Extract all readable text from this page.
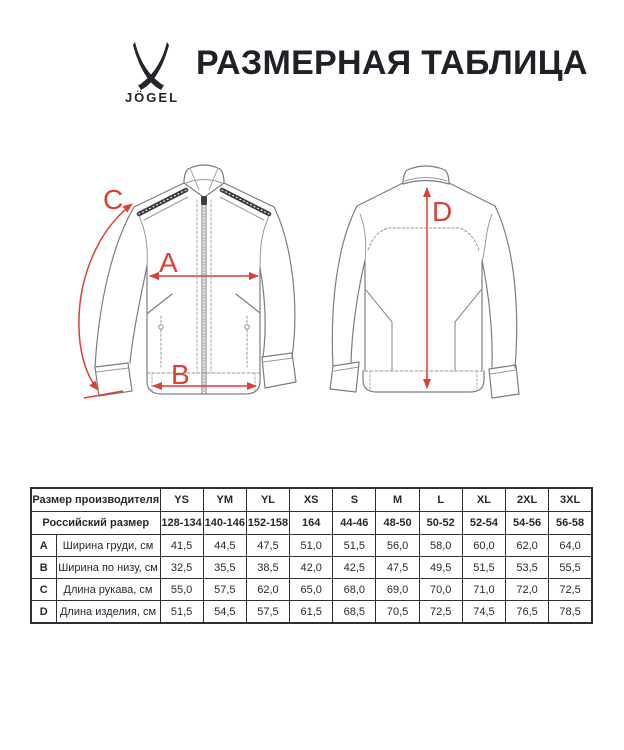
JÖGEL
РАЗМЕРНАЯ ТАБЛИЦА
A
B
C	D
Размер производителя		YS	YM	YL	XS	S	M	L	XL	2XL	3XL
Российский размер		128-134	140-146	152-158	164	44-46	48-50	50-52	52-54	54-56	56-58
A	Ширина груди, см	41,5	44,5	47,5	51,0	51,5	56,0	58,0	60,0	62,0	64,0
B	Ширина по низу, см	32,5	35,5	38,5	42,0	42,5	47,5	49,5	51,5	53,5	55,5
C	Длина рукава, см	55,0	57,5	62,0	65,0	68,0	69,0	70,0	71,0	72,0	72,5
D	Длина изделия, см	51,5	54,5	57,5	61,5	68,5	70,5	72,5	74,5	76,5	78,5
